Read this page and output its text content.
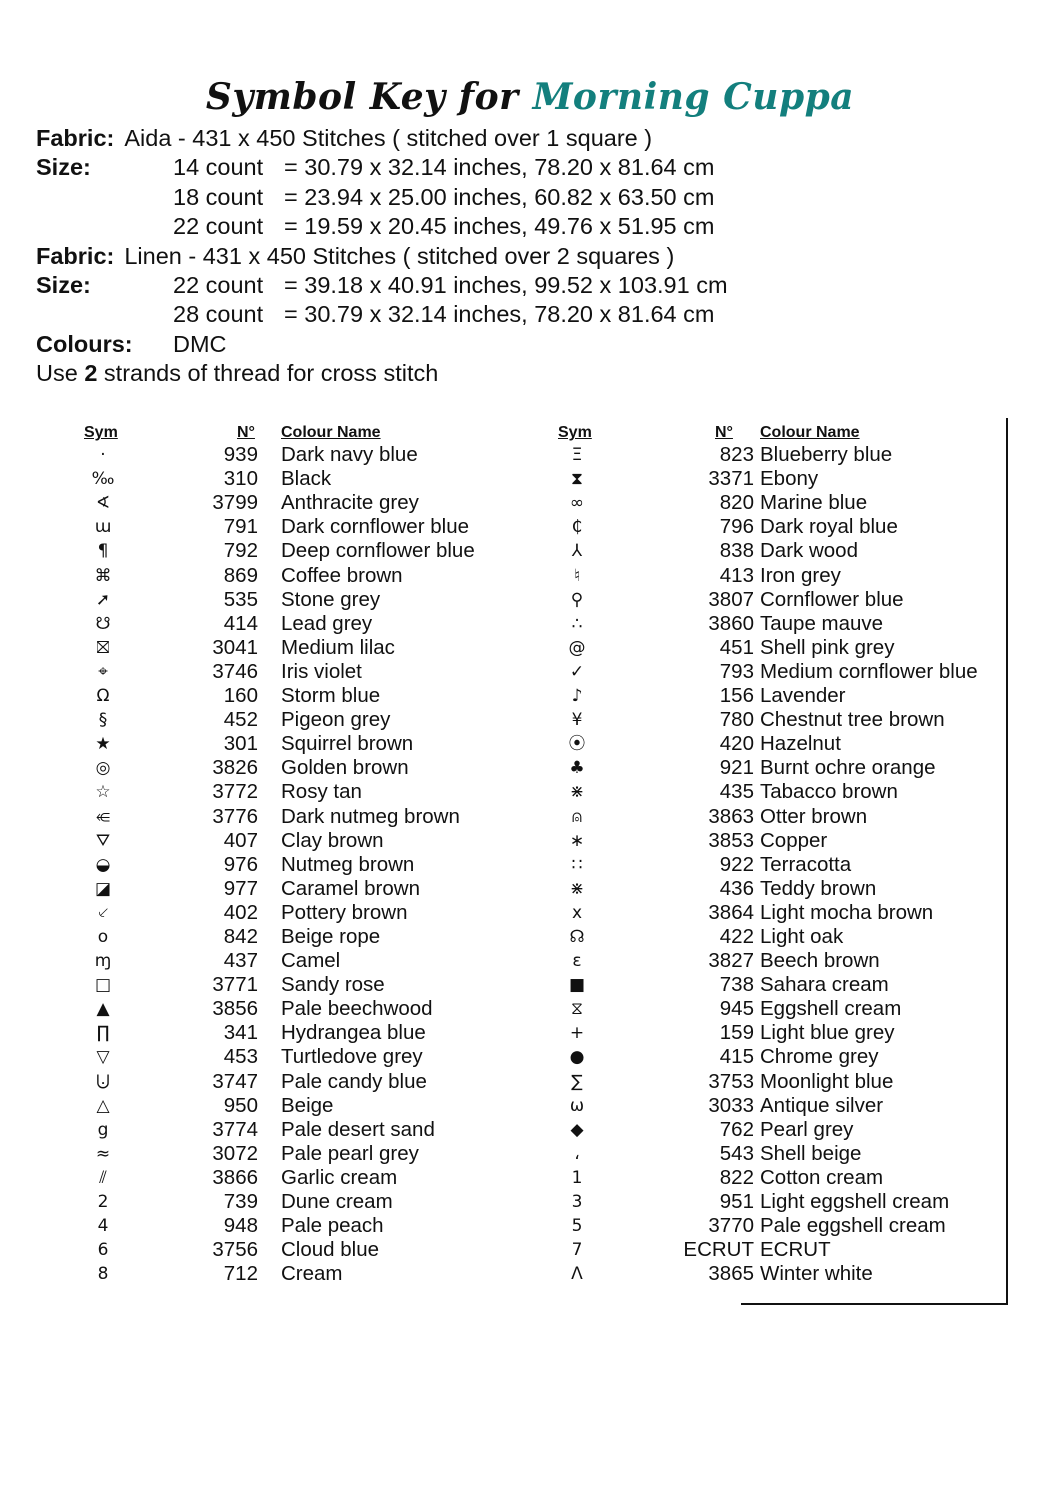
Symbol Key for Morning Cuppa
Fabric: Aida - 431 x 450 Stitches ( stitched over 1 square )
Size:	14 count = 30.79 x 32.14 inches, 78.20 x 81.64 cm
18 count = 23.94 x 25.00 inches, 60.82 x 63.50 cm
22 count = 19.59 x 20.45 inches, 49.76 x 51.95 cm
Fabric: Linen - 431 x 450 Stitches ( stitched over 2 squares )
Size:	22 count = 39.18 x 40.91 inches, 99.52 x 103.91 cm
28 count = 30.79 x 32.14 inches, 78.20 x 81.64 cm
Colours: DMC
Use 2 strands of thread for cross stitch
Sym	N° Colour Name
·	939 Dark navy blue
‰	310 Black
∢	3799 Anthracite grey
ɯ	791 Dark cornflower blue
¶	792 Deep cornflower blue
⌘	869 Coffee brown
➚	535 Stone grey
☋	414 Lead grey
⛝	3041 Medium lilac
⌖	3746 Iris violet
Ω	160 Storm blue
§	452 Pigeon grey
★	301 Squirrel brown
◎	3826 Golden brown
☆	3772 Rosy tan
⥺	3776 Dark nutmeg brown
⛛	407 Clay brown
◒	976 Nutmeg brown
◪	977 Caramel brown
⸔	402 Pottery brown
o	842 Beige rope
ɱ	437 Camel
□	3771 Sandy rose
▲	3856 Pale beechwood
∏	341 Hydrangea blue
▽	453 Turtledove grey
⨃	3747 Pale candy blue
△	950 Beige
g	3774 Pale desert sand
≈	3072 Pale pearl grey
⫽	3866 Garlic cream
2	739 Dune cream
4	948 Pale peach
6	3756 Cloud blue
8	712 Cream
Sym	N° Colour Name
Ξ	823 Blueberry blue
⧗	3371 Ebony
∞	820 Marine blue
₵	796 Dark royal blue
⅄	838 Dark wood
♮	413 Iron grey
⚲	3807 Cornflower blue
∴	3860 Taupe mauve
@	451 Shell pink grey
✓	793 Medium cornflower blue
♪	156 Lavender
¥	780 Chestnut tree brown
⦿	420 Hazelnut
♣	921 Burnt ochre orange
⋇	435 Tabacco brown
⍝	3863 Otter brown
∗	3853 Copper
∷	922 Terracotta
⋇	436 Teddy brown
x	3864 Light mocha brown
☊	422 Light oak
ɛ	3827 Beech brown
■	738 Sahara cream
⧖	945 Eggshell cream
+	159 Light blue grey
●	415 Chrome grey
∑	3753 Moonlight blue
ω	3033 Antique silver
◆	762 Pearl grey
،	543 Shell beige
1	822 Cotton cream
3	951 Light eggshell cream
5	3770 Pale eggshell cream
7	ECRUT ECRUT
Λ	3865 Winter white
